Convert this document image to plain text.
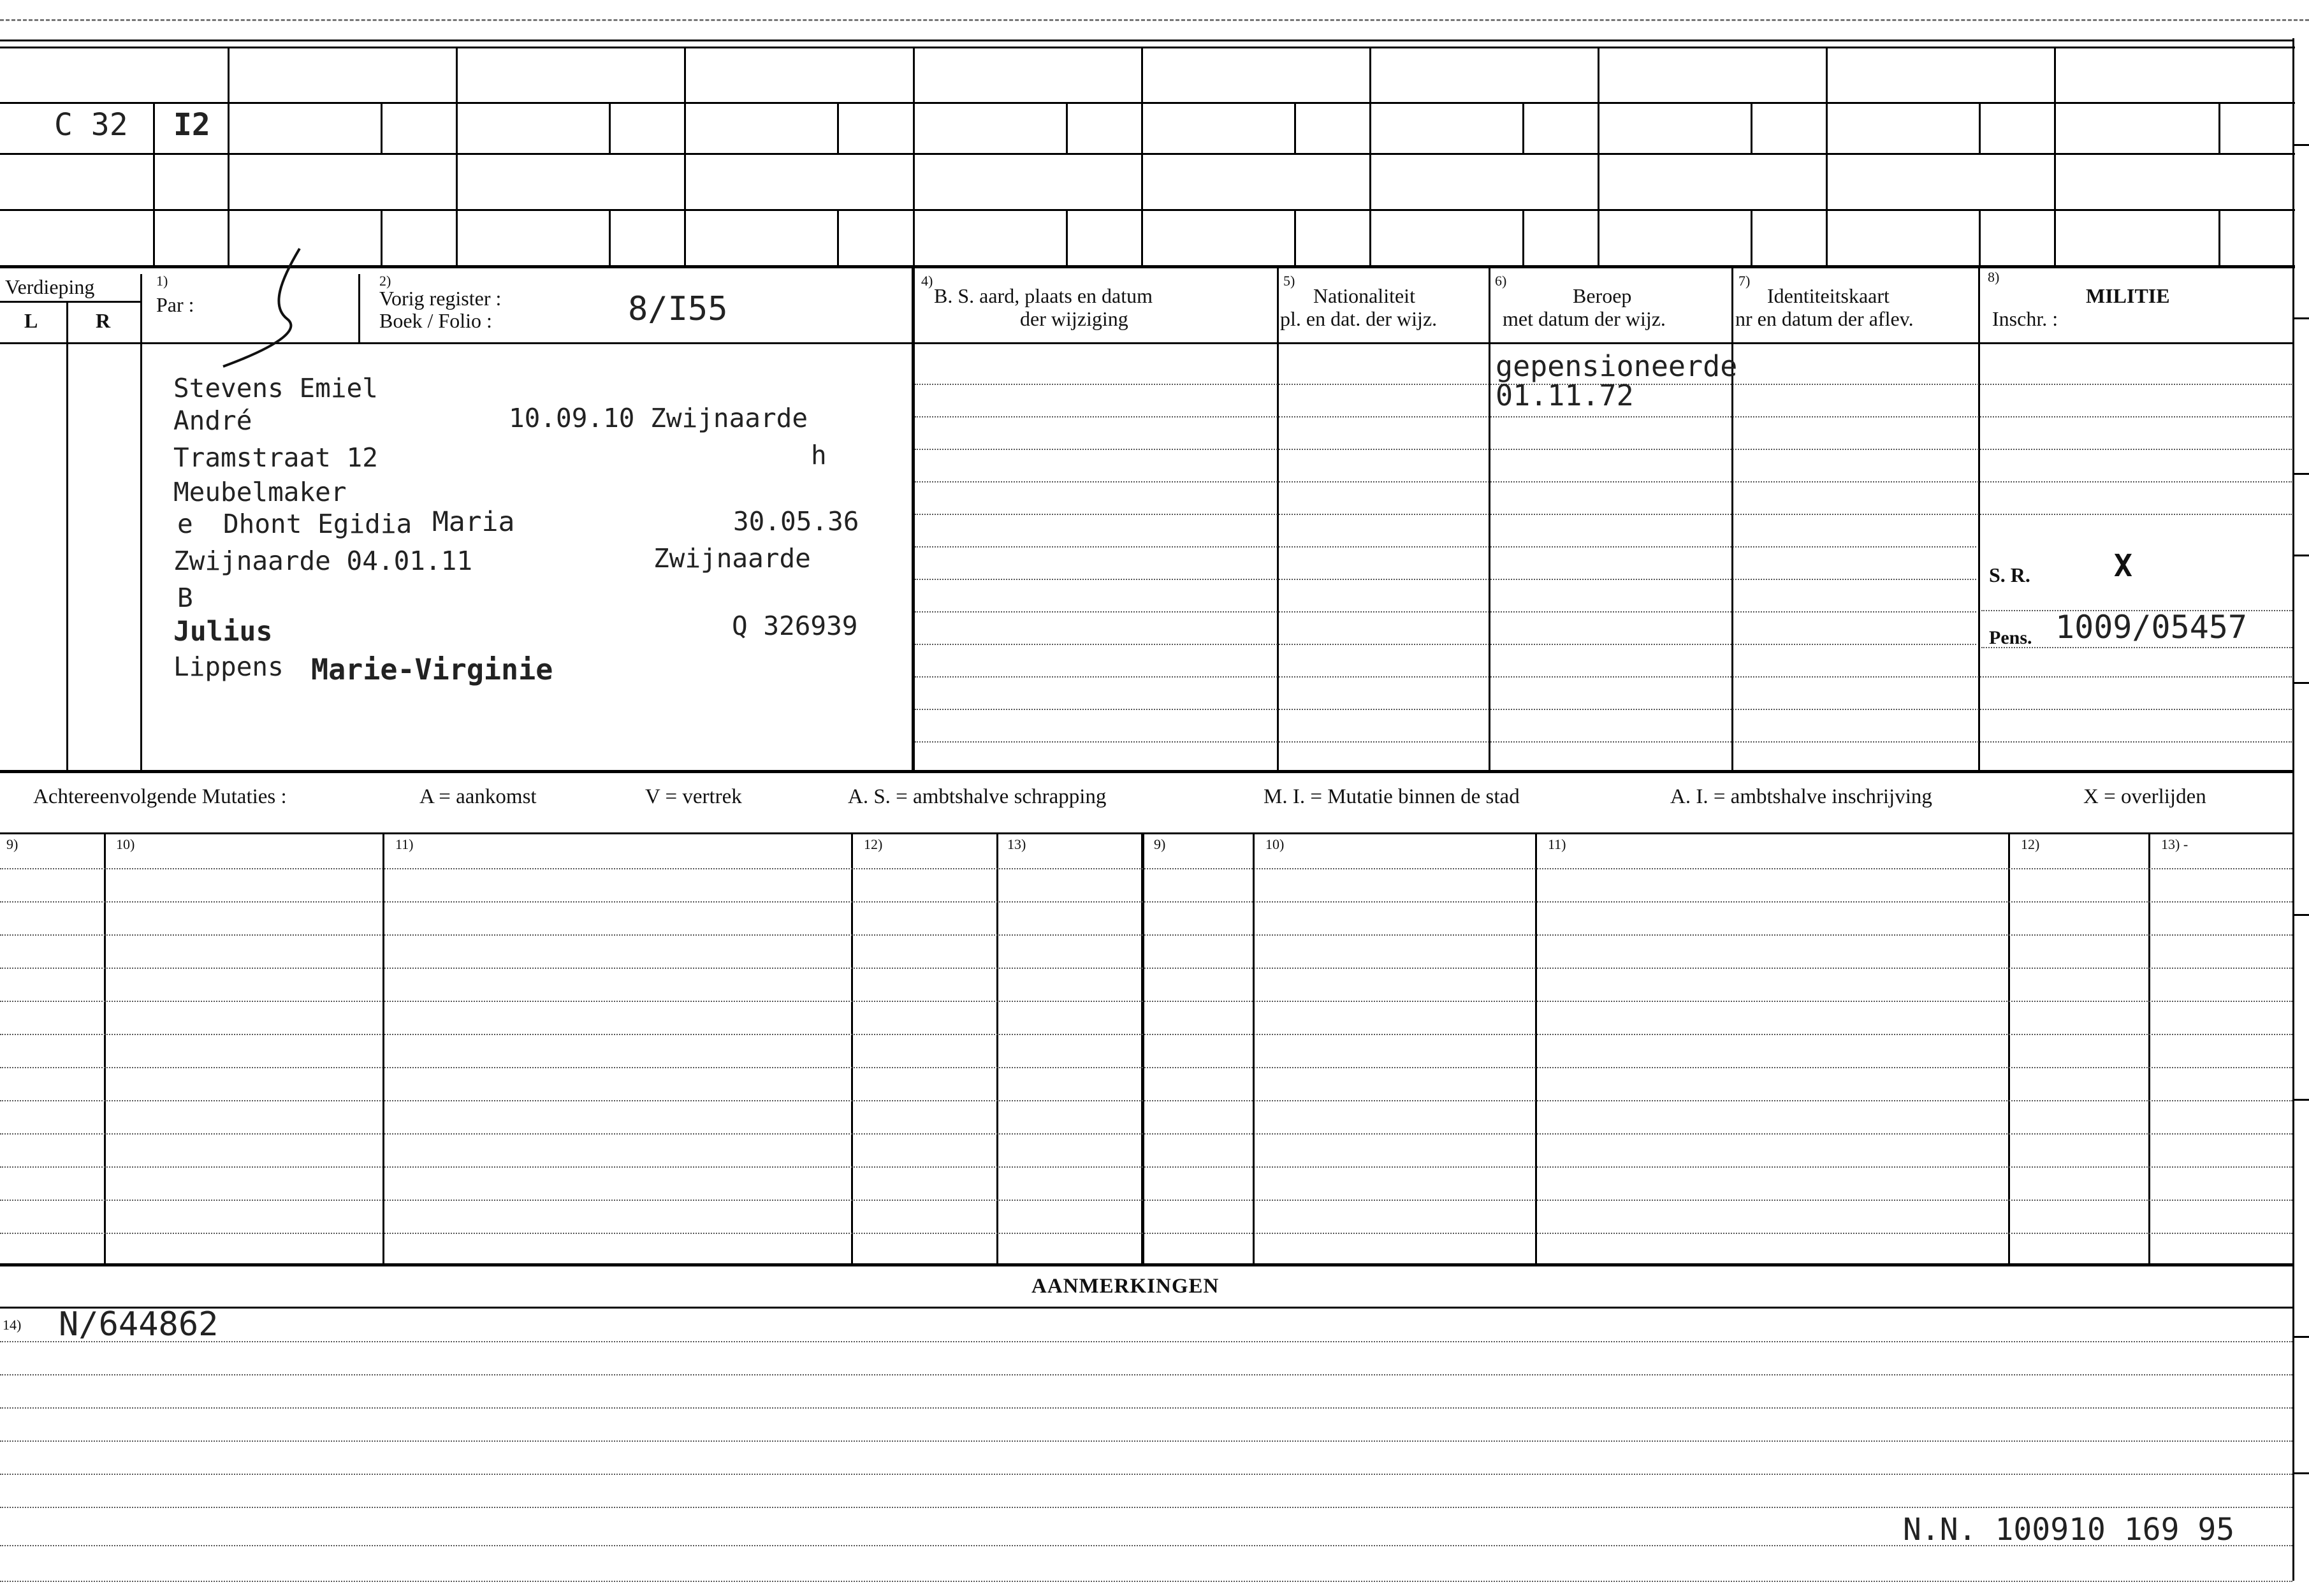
C 32 I2
Verdieping
L	R
1)
Par :
2)
Vorig register :
Boek / Folio :	8/I55
4)
B. S. aard, plaats en datum
der wijziging
5)
Nationaliteit
pl. en dat. der wijz.
6)
Beroep
met datum der wijz.
7)
Identiteitskaart
nr en datum der aflev.
8)
MILITIE
Inschr. :
Stevens Emiel
André	10.09.10 Zwijnaarde
Tramstraat 12	h
Meubelmaker
e Dhont Egidia Maria	30.05.36
Zwijnaarde 04.01.11	Zwijnaarde
B
Julius	Q 326939
Lippens Marie-Virginie
gepensioneerde
01.11.72
S. R.	X
Pens. 1009/05457
Achtereenvolgende Mutaties :	A = aankomst	V = vertrek	A. S. = ambtshalve schrapping	M. I. = Mutatie binnen de stad	A. I. = ambtshalve inschrijving	X = overlijden
9)	10)	11)	12)	13)	9)	10)	11)	12)	13) -
AANMERKINGEN
14) N/644862
N.N. 100910 169 95
